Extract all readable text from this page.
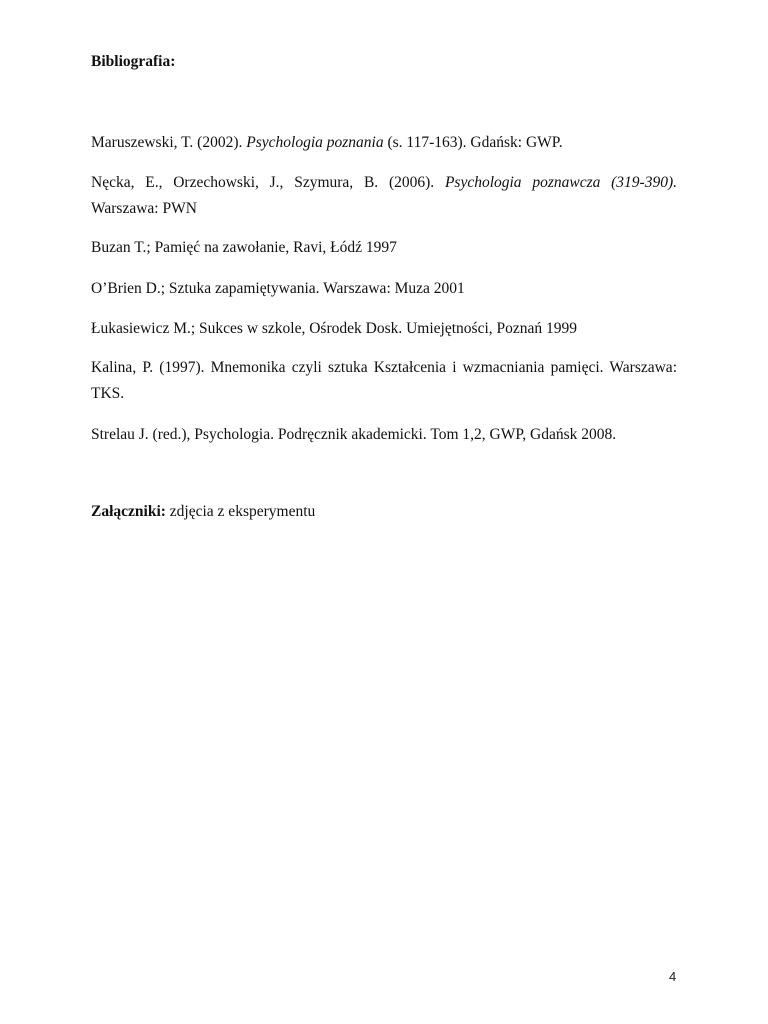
Bibliografia:
Maruszewski, T. (2002). Psychologia poznania (s. 117-163). Gdańsk: GWP.
Nęcka, E., Orzechowski, J., Szymura, B. (2006). Psychologia poznawcza (319-390).
Warszawa: PWN
Buzan T.; Pamięć na zawołanie, Ravi, Łódź 1997
O’Brien D.; Sztuka zapamiętywania. Warszawa: Muza 2001
Łukasiewicz M.; Sukces w szkole, Ośrodek Dosk. Umiejętności, Poznań 1999
Kalina, P. (1997). Mnemonika czyli sztuka Kształcenia i wzmacniania pamięci. Warszawa:
TKS.
Strelau J. (red.), Psychologia. Podręcznik akademicki. Tom 1,2, GWP, Gdańsk 2008.
Załączniki: zdjęcia z eksperymentu
4
